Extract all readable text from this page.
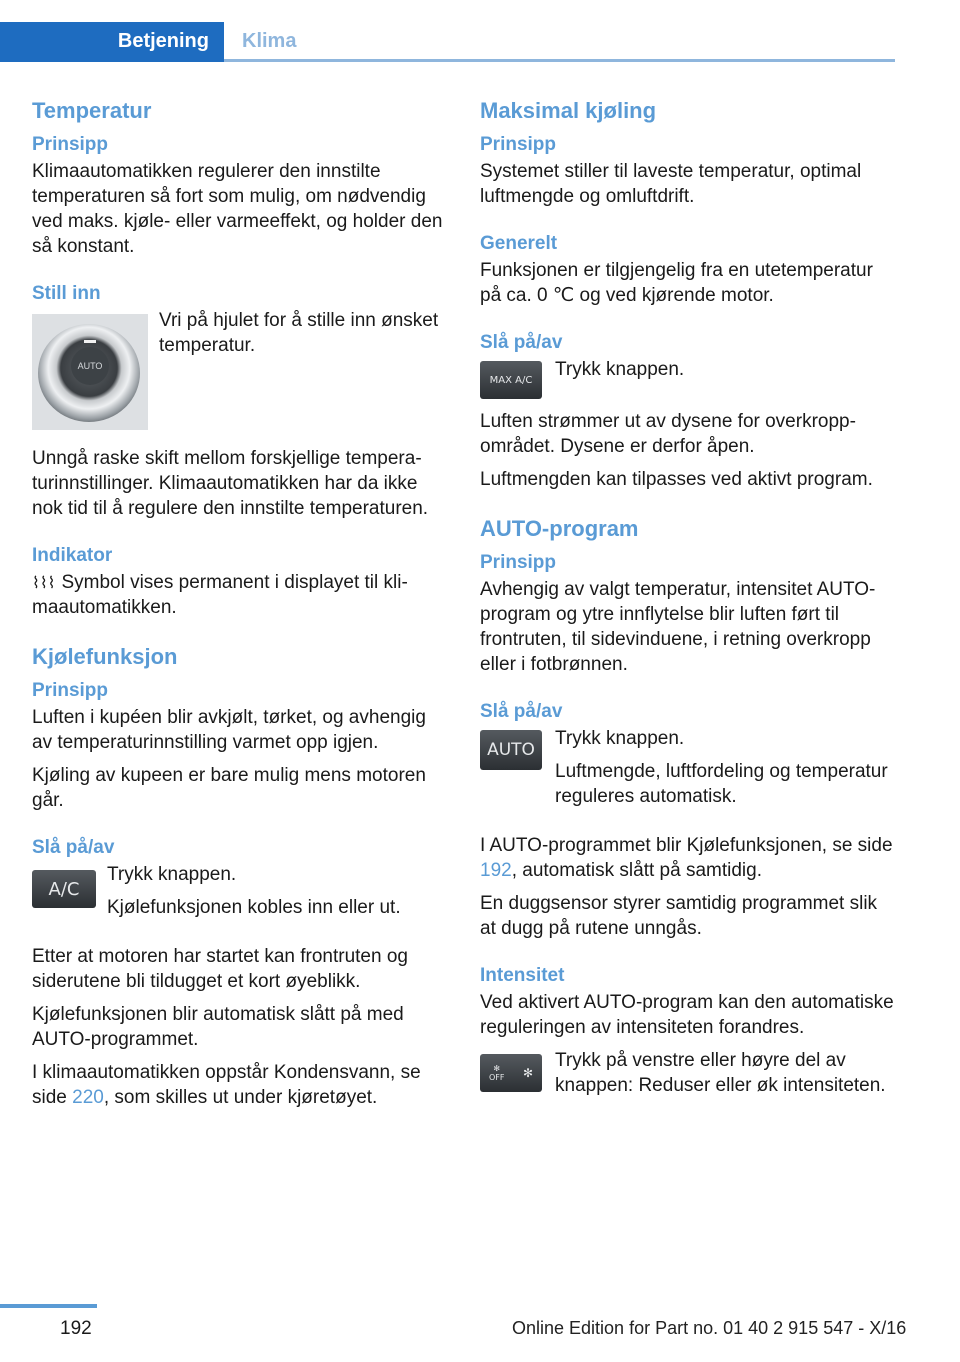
Betjening Klima
Temperatur
Prinsipp

Klimaautomatikken regulerer den innstilte temperaturen så fort som mulig, om nødvendig ved maks. kjøle- eller varmeeffekt, og holder den så konstant.

Still inn
AUTO

Vri på hjulet for å stille inn ønsket temperatur.

Unngå raske skift mellom forskjellige temperaturinnstillinger. Klimaautomatikken har da ikke nok tid til å regulere den innstilte temperaturen.

Indikator

⌇⌇⌇ Symbol vises permanent i displayet til klimaautomatikken.

Kjølefunksjon
Prinsipp

Luften i kupéen blir avkjølt, tørket, og avhengig av temperaturinnstilling varmet opp igjen.

Kjøling av kupeen er bare mulig mens motoren går.

Slå på/av
A/C

Trykk knappen.

Kjølefunksjonen kobles inn eller ut.

Etter at motoren har startet kan frontruten og siderutene bli tildugget et kort øyeblikk.

Kjølefunksjonen blir automatisk slått på med AUTO-programmet.

I klimaautomatikken oppstår Kondensvann, se side 220, som skilles ut under kjøretøyet.

Maksimal kjøling
Prinsipp

Systemet stiller til laveste temperatur, optimal luftmengde og omluftdrift.

Generelt

Funksjonen er tilgjengelig fra en utetemperatur på ca. 0 ℃ og ved kjørende motor.

Slå på/av
MAX A/C	Trykk knappen.

Luften strømmer ut av dysene for overkroppområdet. Dysene er derfor åpen.

Luftmengden kan tilpasses ved aktivt program.

AUTO-program
Prinsipp

Avhengig av valgt temperatur, intensitet AUTO-program og ytre innflytelse blir luften ført til frontruten, til sidevinduene, i retning overkropp eller i fotbrønnen.

Slå på/av
AUTO

Trykk knappen.

Luftmengde, luftfordeling og temperatur reguleres automatisk.

I AUTO-programmet blir Kjølefunksjonen, se side 192, automatisk slått på samtidig.

En duggsensor styrer samtidig programmet slik at dugg på rutene unngås.

Intensitet

Ved aktivert AUTO-program kan den automatiske reguleringen av intensiteten forandres.

✻
OFF ✻

Trykk på venstre eller høyre del av knappen: Reduser eller øk intensiteten.

192	Online Edition for Part no. 01 40 2 915 547 - X/16
